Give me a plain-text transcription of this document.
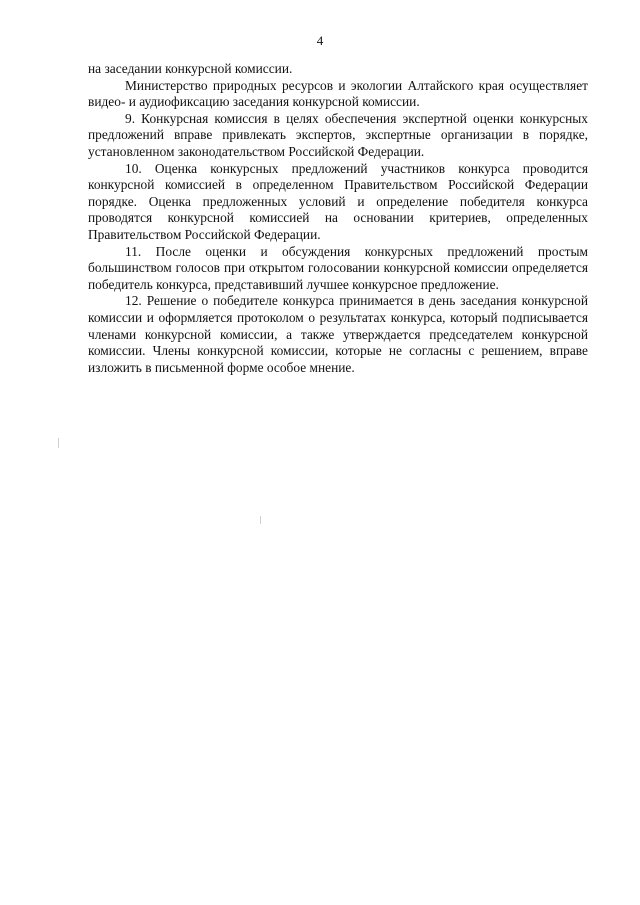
4

на заседании конкурсной комиссии.

Министерство природных ресурсов и экологии Алтайского края осуществляет видео- и аудиофиксацию заседания конкурсной комиссии.

9. Конкурсная комиссия в целях обеспечения экспертной оценки конкурсных предложений вправе привлекать экспертов, экспертные организации в порядке, установленном законодательством Российской Федерации.

10. Оценка конкурсных предложений участников конкурса проводится конкурсной комиссией в определенном Правительством Российской Федерации порядке. Оценка предложенных условий и определение победителя конкурса проводятся конкурсной комиссией на основании критериев, определенных Правительством Российской Федерации.

11. После оценки и обсуждения конкурсных предложений простым большинством голосов при открытом голосовании конкурсной комиссии определяется победитель конкурса, представивший лучшее конкурсное предложение.

12. Решение о победителе конкурса принимается в день заседания конкурсной комиссии и оформляется протоколом о результатах конкурса, который подписывается членами конкурсной комиссии, а также утверждается председателем конкурсной комиссии. Члены конкурсной комиссии, которые не согласны с решением, вправе изложить в письменной форме особое мнение.
